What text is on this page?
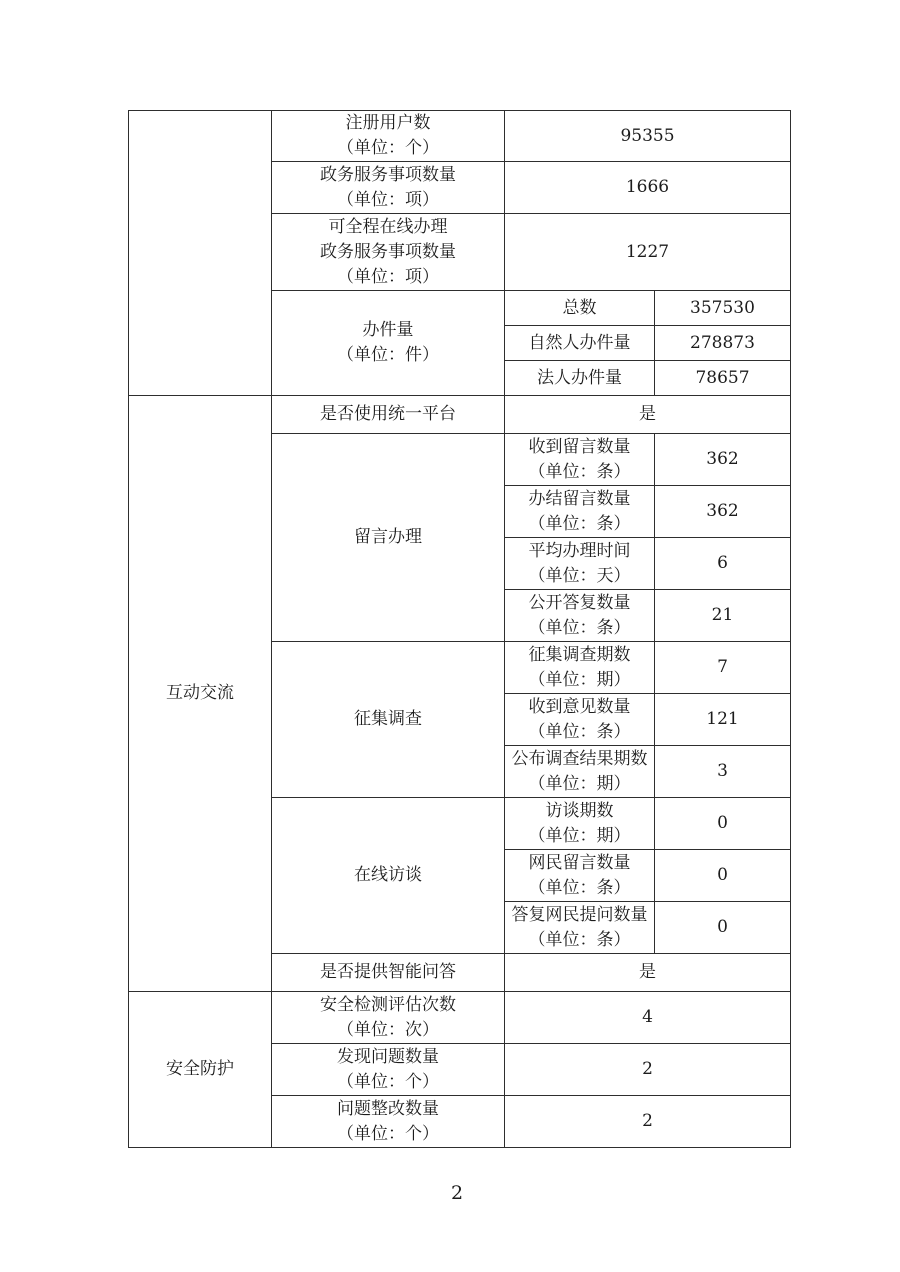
	注册用户数
（单位：个）	95355	

	政务服务事项数量
（单位：项）	1666	

	可全程在线办理
政务服务事项数量
（单位：项）	1227	

	办件量
（单位：件）	总数	357530
		自然人办件量	278873
		法人办件量	78657
互动交流	是否使用统一平台	是	
	留言办理	收到留言数量
（单位：条）	362

		办结留言数量
（单位：条）	362

		平均办理时间
（单位：天）	6

		公开答复数量
（单位：条）	21
	征集调查	征集调查期数
（单位：期）	7

		收到意见数量
（单位：条）	121

		公布调查结果期数
（单位：期）	3
	在线访谈	访谈期数
（单位：期）	0

		网民留言数量
（单位：条）	0

		答复网民提问数量
（单位：条）	0
	是否提供智能问答	是	
安全防护	安全检测评估次数
（单位：次）	4	

	发现问题数量
（单位：个）	2	

	问题整改数量
（单位：个）	2	
2
